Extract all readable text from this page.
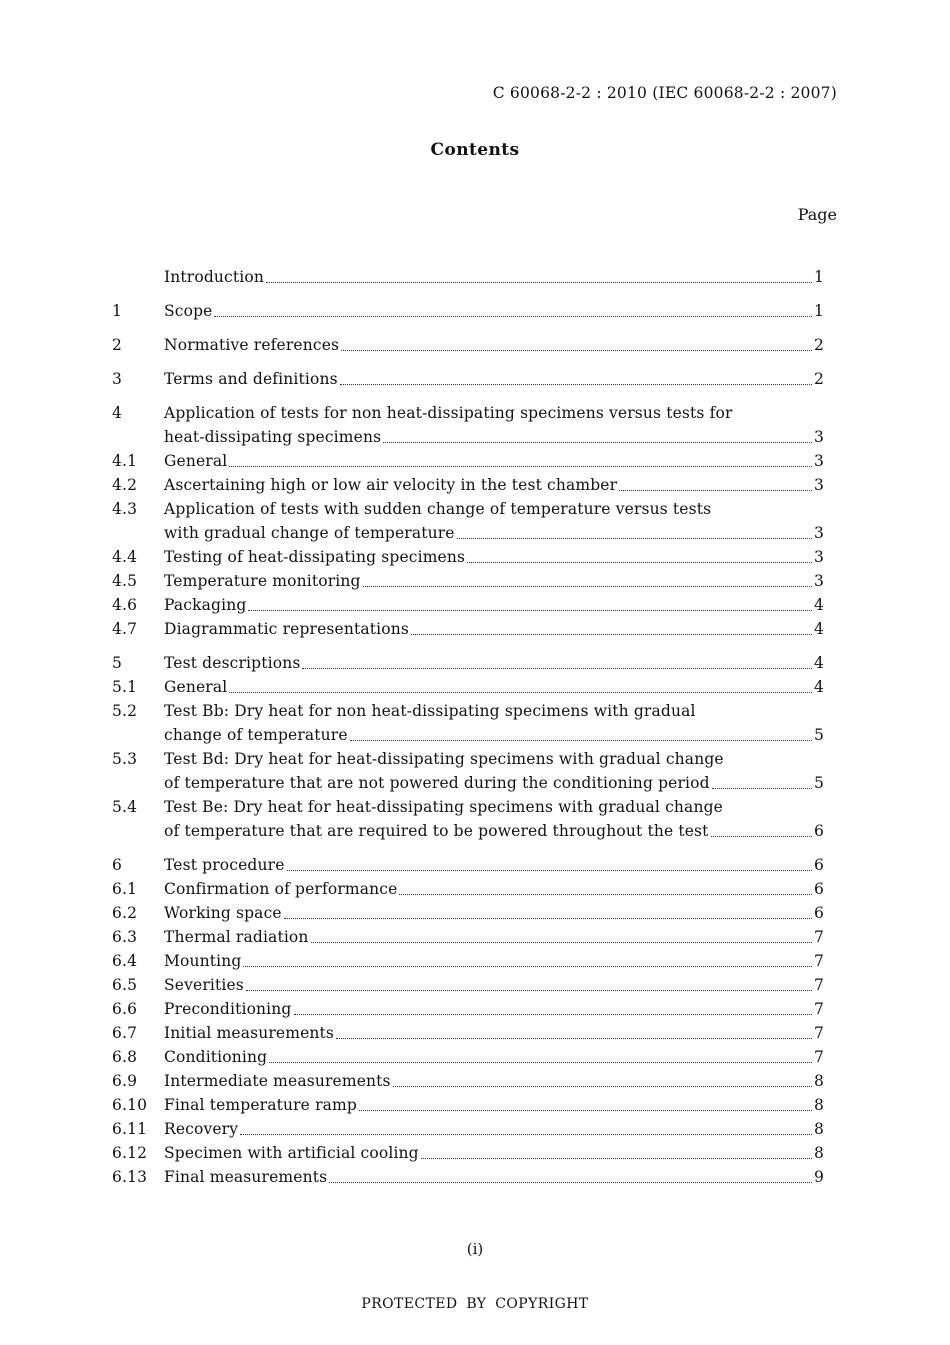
C 60068-2-2 : 2010 (IEC 60068-2-2 : 2007)
Contents
Page
Introduction	1
1	Scope	1
2	Normative references	2
3	Terms and definitions	2
4	Application of tests for non heat-dissipating specimens versus tests for
heat-dissipating specimens	3
4.1	General	3
4.2	Ascertaining high or low air velocity in the test chamber	3
4.3	Application of tests with sudden change of temperature versus tests
with gradual change of temperature	3
4.4	Testing of heat-dissipating specimens	3
4.5	Temperature monitoring	3
4.6	Packaging	4
4.7	Diagrammatic representations	4
5	Test descriptions	4
5.1	General	4
5.2	Test Bb: Dry heat for non heat-dissipating specimens with gradual
change of temperature	5
5.3	Test Bd: Dry heat for heat-dissipating specimens with gradual change
of temperature that are not powered during the conditioning period	5
5.4	Test Be: Dry heat for heat-dissipating specimens with gradual change
of temperature that are required to be powered throughout the test	6
6	Test procedure	6
6.1	Confirmation of performance	6
6.2	Working space	6
6.3	Thermal radiation	7
6.4	Mounting	7
6.5	Severities	7
6.6	Preconditioning	7
6.7	Initial measurements	7
6.8	Conditioning	7
6.9	Intermediate measurements	8
6.10	Final temperature ramp	8
6.11	Recovery	8
6.12	Specimen with artificial cooling	8
6.13	Final measurements	9
(i)
PROTECTED BY COPYRIGHT
